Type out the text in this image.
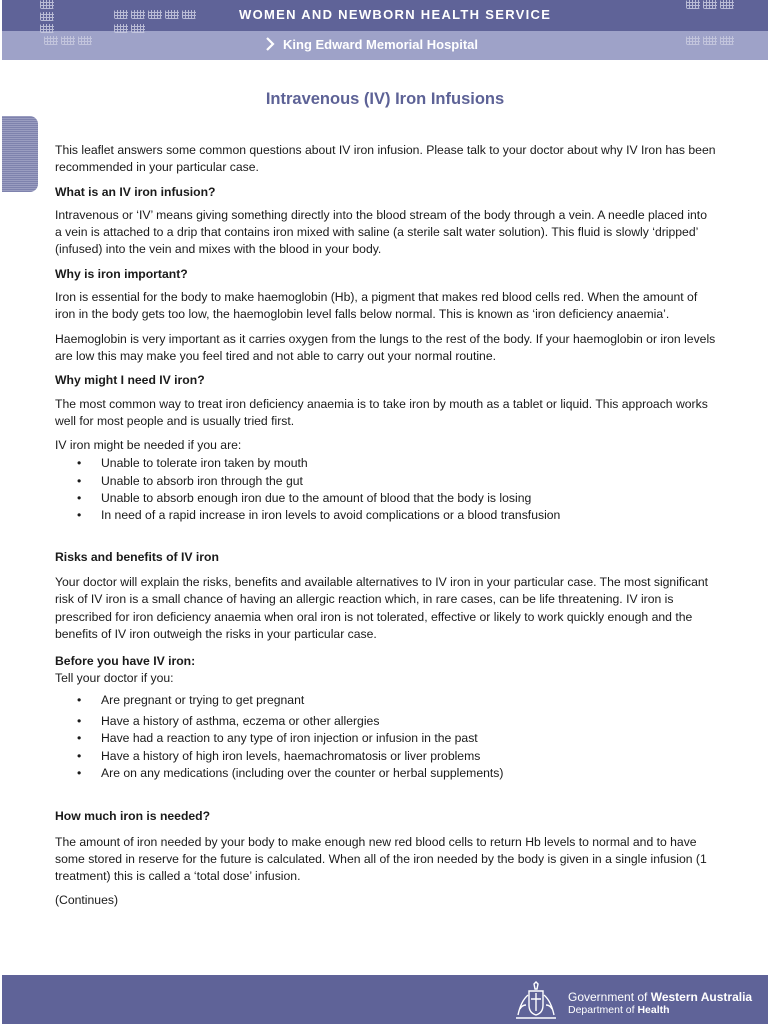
WOMEN AND NEWBORN HEALTH SERVICE
King Edward Memorial Hospital
Intravenous (IV) Iron Infusions

This leaflet answers some common questions about IV iron infusion. Please talk to your doctor about why IV Iron has been recommended in your particular case.

What is an IV iron infusion?

Intravenous or ‘IV’ means giving something directly into the blood stream of the body through a vein. A needle placed into a vein is attached to a drip that contains iron mixed with saline (a sterile salt water solution). This fluid is slowly ‘dripped’ (infused) into the vein and mixes with the blood in your body.

Why is iron important?

Iron is essential for the body to make haemoglobin (Hb), a pigment that makes red blood cells red. When the amount of iron in the body gets too low, the haemoglobin level falls below normal. This is known as ‘iron deficiency anaemia’.

Haemoglobin is very important as it carries oxygen from the lungs to the rest of the body. If your haemoglobin or iron levels are low this may make you feel tired and not able to carry out your normal routine.

Why might I need IV iron?

The most common way to treat iron deficiency anaemia is to take iron by mouth as a tablet or liquid. This approach works well for most people and is usually tried first.

IV iron might be needed if you are:
• Unable to tolerate iron taken by mouth
• Unable to absorb iron through the gut
• Unable to absorb enough iron due to the amount of blood that the body is losing
• In need of a rapid increase in iron levels to avoid complications or a blood transfusion
Risks and benefits of IV iron

Your doctor will explain the risks, benefits and available alternatives to IV iron in your particular case. The most significant risk of IV iron is a small chance of having an allergic reaction which, in rare cases, can be life threatening. IV iron is prescribed for iron deficiency anaemia when oral iron is not tolerated, effective or likely to work quickly enough and the benefits of IV iron outweigh the risks in your particular case.

Before you have IV iron:
Tell your doctor if you:
• Are pregnant or trying to get pregnant
• Have a history of asthma, eczema or other allergies
• Have had a reaction to any type of iron injection or infusion in the past
• Have a history of high iron levels, haemachromatosis or liver problems
• Are on any medications (including over the counter or herbal supplements)
How much iron is needed?

The amount of iron needed by your body to make enough new red blood cells to return Hb levels to normal and to have some stored in reserve for the future is calculated. When all of the iron needed by the body is given in a single infusion (1 treatment) this is called a ‘total dose’ infusion.

(Continues)

Government of Western Australia
Department of Health
